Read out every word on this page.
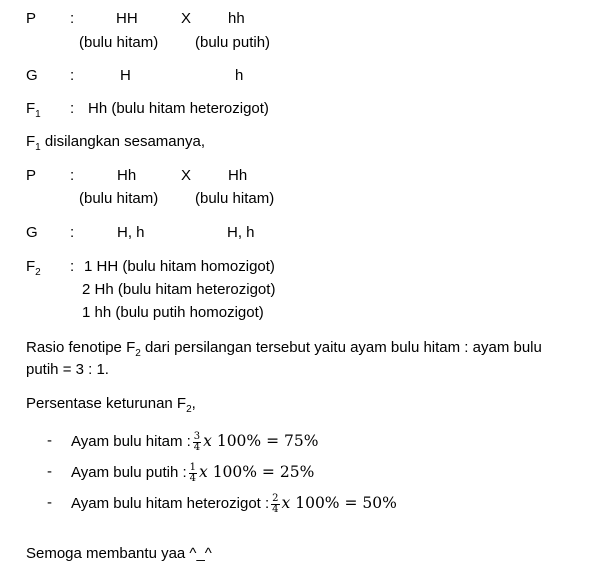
P :	HH	X hh
(bulu hitam) (bulu putih)
G :	H	h
$F_1$ : Hh (bulu hitam heterozigot)
$F_1$ disilangkan sesamanya,
P :	Hh	X Hh
(bulu hitam) (bulu hitam)
G :	H, h	H, h
$F_2$ : 1 HH (bulu hitam homozigot)
2 Hh (bulu hitam heterozigot)
1 hh (bulu putih homozigot)
Rasio fenotipe $F_2$ dari persilangan tersebut yaitu ayam bulu hitam : ayam bulu
putih = 3 : 1.
Persentase keturunan $F_2$,
- Ayam bulu hitam : $\frac{3}{4}$ x 100% = 75%
- Ayam bulu putih : $\frac{1}{4}$ x 100% = 25%
- Ayam bulu hitam heterozigot : $\frac{2}{4}$ x 100% = 50%
Semoga membantu yaa ^_^
